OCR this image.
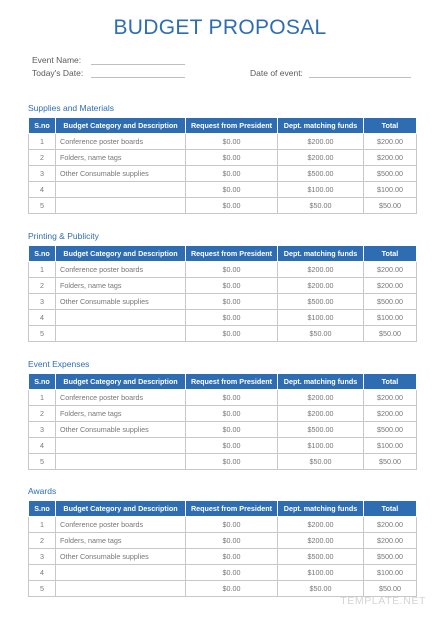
BUDGET PROPOSAL
Event Name:
Today's Date:	Date of event:
Supplies and Materials
S.no	Budget Category and Description	Request from President	Dept. matching funds	Total
1	Conference poster boards	$0.00	$200.00	$200.00
2	Folders, name tags	$0.00	$200.00	$200.00
3	Other Consumable supplies	$0.00	$500.00	$500.00
4		$0.00	$100.00	$100.00
5		$0.00	$50.00	$50.00
Printing & Publicity
S.no	Budget Category and Description	Request from President	Dept. matching funds	Total
1	Conference poster boards	$0.00	$200.00	$200.00
2	Folders, name tags	$0.00	$200.00	$200.00
3	Other Consumable supplies	$0.00	$500.00	$500.00
4		$0.00	$100.00	$100.00
5		$0.00	$50.00	$50.00
Event Expenses
S.no	Budget Category and Description	Request from President	Dept. matching funds	Total
1	Conference poster boards	$0.00	$200.00	$200.00
2	Folders, name tags	$0.00	$200.00	$200.00
3	Other Consumable supplies	$0.00	$500.00	$500.00
4		$0.00	$100.00	$100.00
5		$0.00	$50.00	$50.00
Awards
S.no	Budget Category and Description	Request from President	Dept. matching funds	Total
1	Conference poster boards	$0.00	$200.00	$200.00
2	Folders, name tags	$0.00	$200.00	$200.00
3	Other Consumable supplies	$0.00	$500.00	$500.00
4		$0.00	$100.00	$100.00
5		$0.00	$50.00	$50.00
TEMPLATE.NET
